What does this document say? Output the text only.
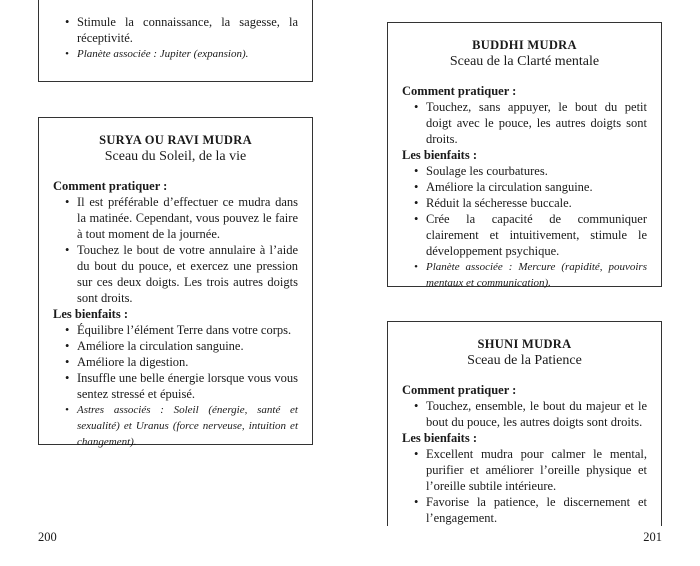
• Stimule la connaissance, la sagesse, la réceptivité.
• Planète associée : Jupiter (expansion).
SURYA OU RAVI MUDRA
Sceau du Soleil, de la vie
Comment pratiquer :
• Il est préférable d’effectuer ce mudra dans la matinée. Cependant, vous pouvez le faire à tout moment de la journée.
• Touchez le bout de votre annulaire à l’aide du bout du pouce, et exercez une pression sur ces deux doigts. Les trois autres doigts sont droits.
Les bienfaits :
• Équilibre l’élément Terre dans votre corps.
• Améliore la circulation sanguine.
• Améliore la digestion.
• Insuffle une belle énergie lorsque vous vous sentez stressé et épuisé.
• Astres associés : Soleil (énergie, santé et sexualité) et Uranus (force nerveuse, intuition et changement).
BUDDHI MUDRA
Sceau de la Clarté mentale
Comment pratiquer :
• Touchez, sans appuyer, le bout du petit doigt avec le pouce, les autres doigts sont droits.
Les bienfaits :
• Soulage les courbatures.
• Améliore la circulation sanguine.
• Réduit la sécheresse buccale.
• Crée la capacité de communiquer clairement et intuitivement, stimule le développement psychique.
• Planète associée : Mercure (rapidité, pouvoirs mentaux et communication).
SHUNI MUDRA
Sceau de la Patience
Comment pratiquer :
• Touchez, ensemble, le bout du majeur et le bout du pouce, les autres doigts sont droits.
Les bienfaits :
• Excellent mudra pour calmer le mental, purifier et améliorer l’oreille physique et l’oreille subtile intérieure.
• Favorise la patience, le discernement et l’engagement.
200	201
